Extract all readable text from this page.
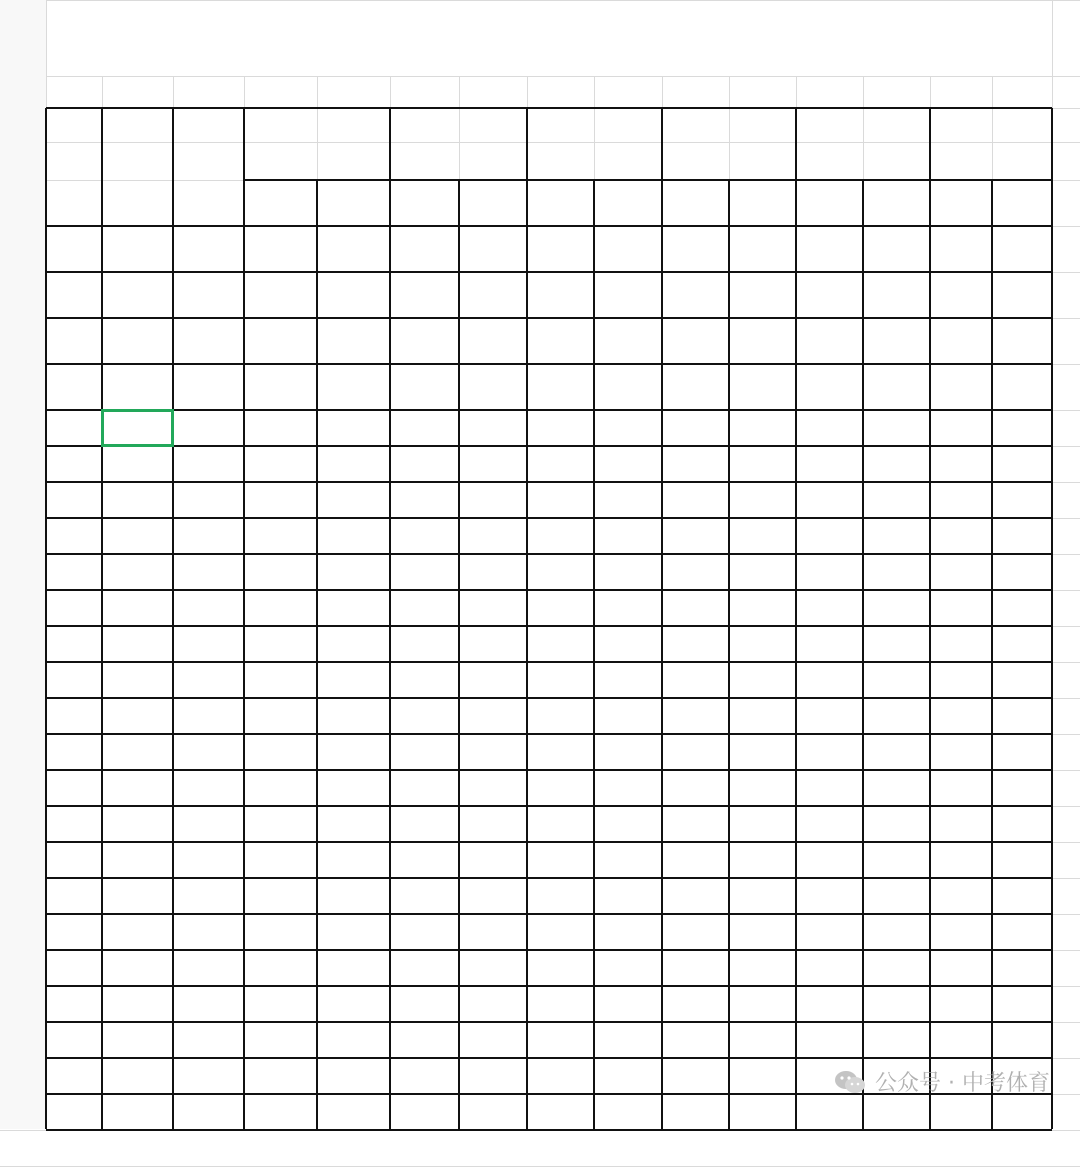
公众号 · 中考体育
